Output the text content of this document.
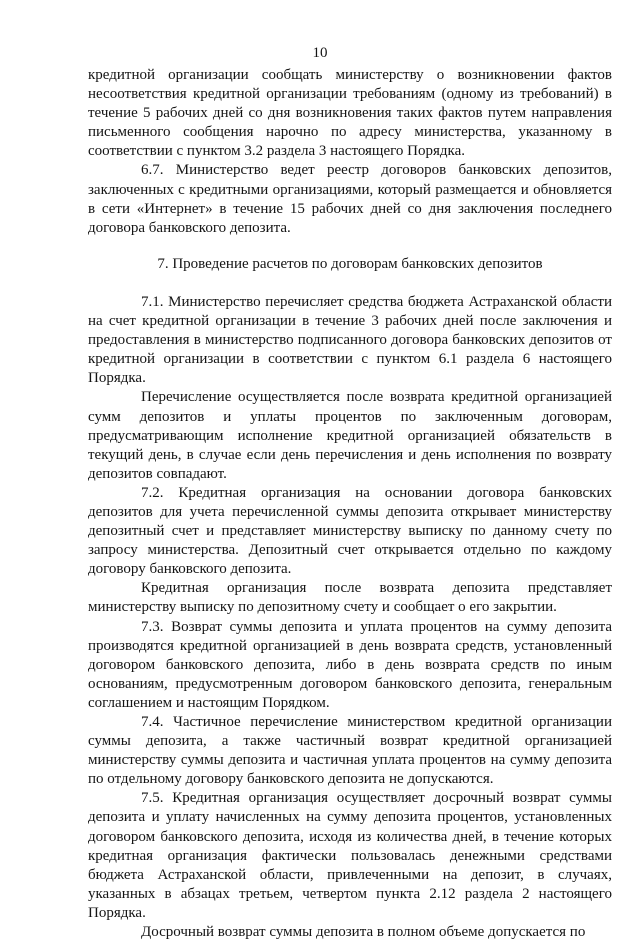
10

кредитной организации сообщать министерству о возникновении фактов несоответствия кредитной организации требованиям (одному из требований) в течение 5 рабочих дней со дня возникновения таких фактов путем направления письменного сообщения нарочно по адресу министерства, указанному в соответствии с пунктом 3.2 раздела 3 настоящего Порядка.

6.7. Министерство ведет реестр договоров банковских депозитов, заключенных с кредитными организациями, который размещается и обновляется в сети «Интернет» в течение 15 рабочих дней со дня заключения последнего договора банковского депозита.

7. Проведение расчетов по договорам банковских депозитов

7.1. Министерство перечисляет средства бюджета Астраханской области на счет кредитной организации в течение 3 рабочих дней после заключения и предоставления в министерство подписанного договора банковских депозитов от кредитной организации в соответствии с пунктом 6.1 раздела 6 настоящего Порядка.

Перечисление осуществляется после возврата кредитной организацией сумм депозитов и уплаты процентов по заключенным договорам, предусматривающим исполнение кредитной организацией обязательств в текущий день, в случае если день перечисления и день исполнения по возврату депозитов совпадают.

7.2. Кредитная организация на основании договора банковских депозитов для учета перечисленной суммы депозита открывает министерству депозитный счет и представляет министерству выписку по данному счету по запросу министерства. Депозитный счет открывается отдельно по каждому договору банковского депозита.

Кредитная организация после возврата депозита представляет министерству выписку по депозитному счету и сообщает о его закрытии.

7.3. Возврат суммы депозита и уплата процентов на сумму депозита производятся кредитной организацией в день возврата средств, установленный договором банковского депозита, либо в день возврата средств по иным основаниям, предусмотренным договором банковского депозита, генеральным соглашением и настоящим Порядком.

7.4. Частичное перечисление министерством кредитной организации суммы депозита, а также частичный возврат кредитной организацией министерству суммы депозита и частичная уплата процентов на сумму депозита по отдельному договору банковского депозита не допускаются.

7.5. Кредитная организация осуществляет досрочный возврат суммы депозита и уплату начисленных на сумму депозита процентов, установленных договором банковского депозита, исходя из количества дней, в течение которых кредитная организация фактически пользовалась денежными средствами бюджета Астраханской области, привлеченными на депозит, в случаях, указанных в абзацах третьем, четвертом пункта 2.12 раздела 2 настоящего Порядка.

Досрочный возврат суммы депозита в полном объеме допускается по
